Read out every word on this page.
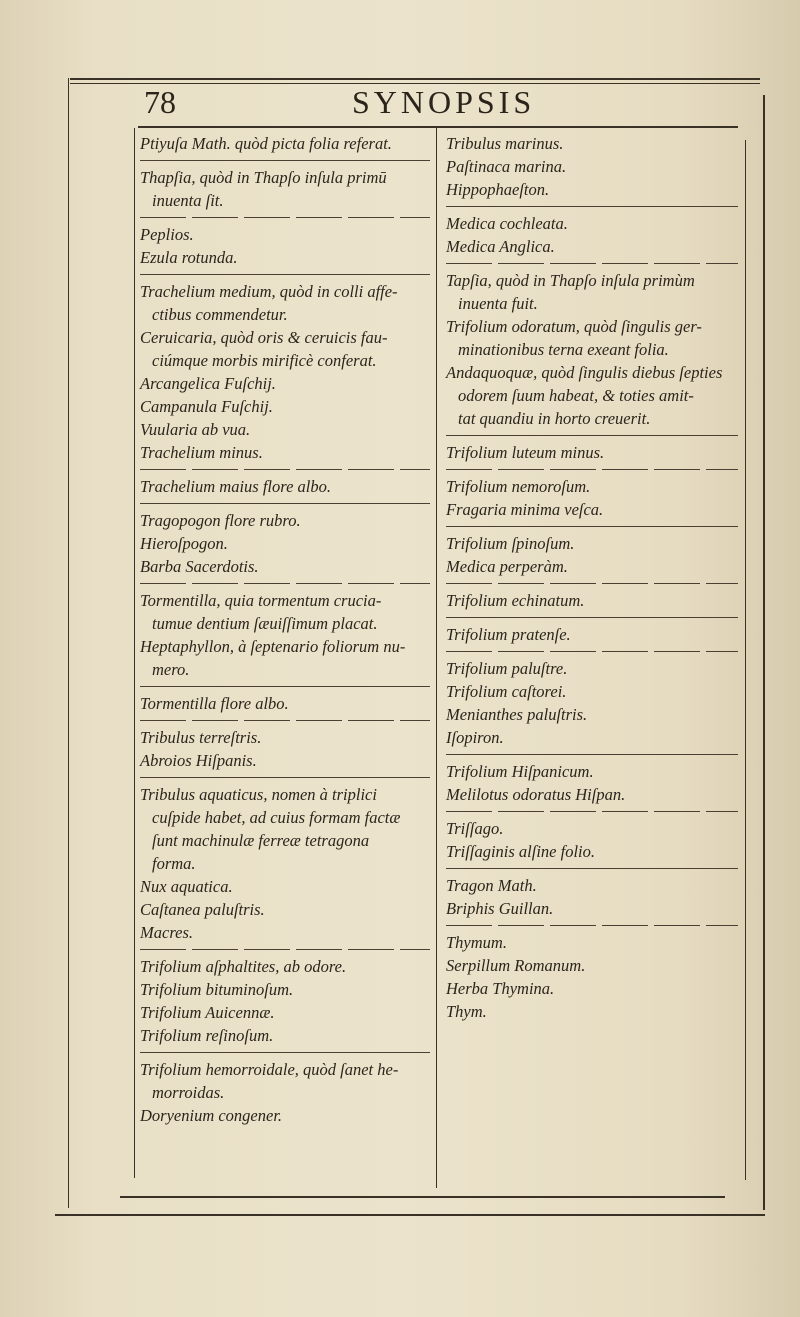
78	SYNOPSIS
Ptiyuſa Math. quòd picta folia referat.
Thapſia, quòd in Thapſo inſula primū
inuenta ſit.
Peplios.
Ezula rotunda.
Trachelium medium, quòd in colli affe-
ctibus commendetur.
Ceruicaria, quòd oris & ceruicis fau-
ciúmque morbis mirificè conferat.
Arcangelica Fuſchij.
Campanula Fuſchij.
Vuularia ab vua.
Trachelium minus.
Trachelium maius flore albo.
Tragopogon flore rubro.
Hieroſpogon.
Barba Sacerdotis.
Tormentilla, quia tormentum crucia-
tumue dentium ſæuiſſimum placat.
Heptaphyllon, à ſeptenario foliorum nu-
mero.
Tormentilla flore albo.
Tribulus terreſtris.
Abroios Hiſpanis.
Tribulus aquaticus, nomen à triplici
cuſpide habet, ad cuius formam factæ
ſunt machinulæ ferreæ tetragona
forma.
Nux aquatica.
Caſtanea paluſtris.
Macres.
Trifolium aſphaltites, ab odore.
Trifolium bituminoſum.
Trifolium Auicennæ.
Trifolium reſinoſum.
Trifolium hemorroidale, quòd ſanet he-
morroidas.
Doryenium congener.
Tribulus marinus.
Paſtinaca marina.
Hippophaeſton.
Medica cochleata.
Medica Anglica.
Tapſia, quòd in Thapſo inſula primùm
inuenta fuit.
Trifolium odoratum, quòd ſingulis ger-
minationibus terna exeant folia.
Andaquoquæ, quòd ſingulis diebus ſepties
odorem ſuum habeat, & toties amit-
tat quandiu in horto creuerit.
Trifolium luteum minus.
Trifolium nemoroſum.
Fragaria minima veſca.
Trifolium ſpinoſum.
Medica perperàm.
Trifolium echinatum.
Trifolium pratenſe.
Trifolium paluſtre.
Trifolium caſtorei.
Menianthes paluſtris.
Iſopiron.
Trifolium Hiſpanicum.
Melilotus odoratus Hiſpan.
Triſſago.
Triſſaginis alſine folio.
Tragon Math.
Briphis Guillan.
Thymum.
Serpillum Romanum.
Herba Thymina.
Thym.
